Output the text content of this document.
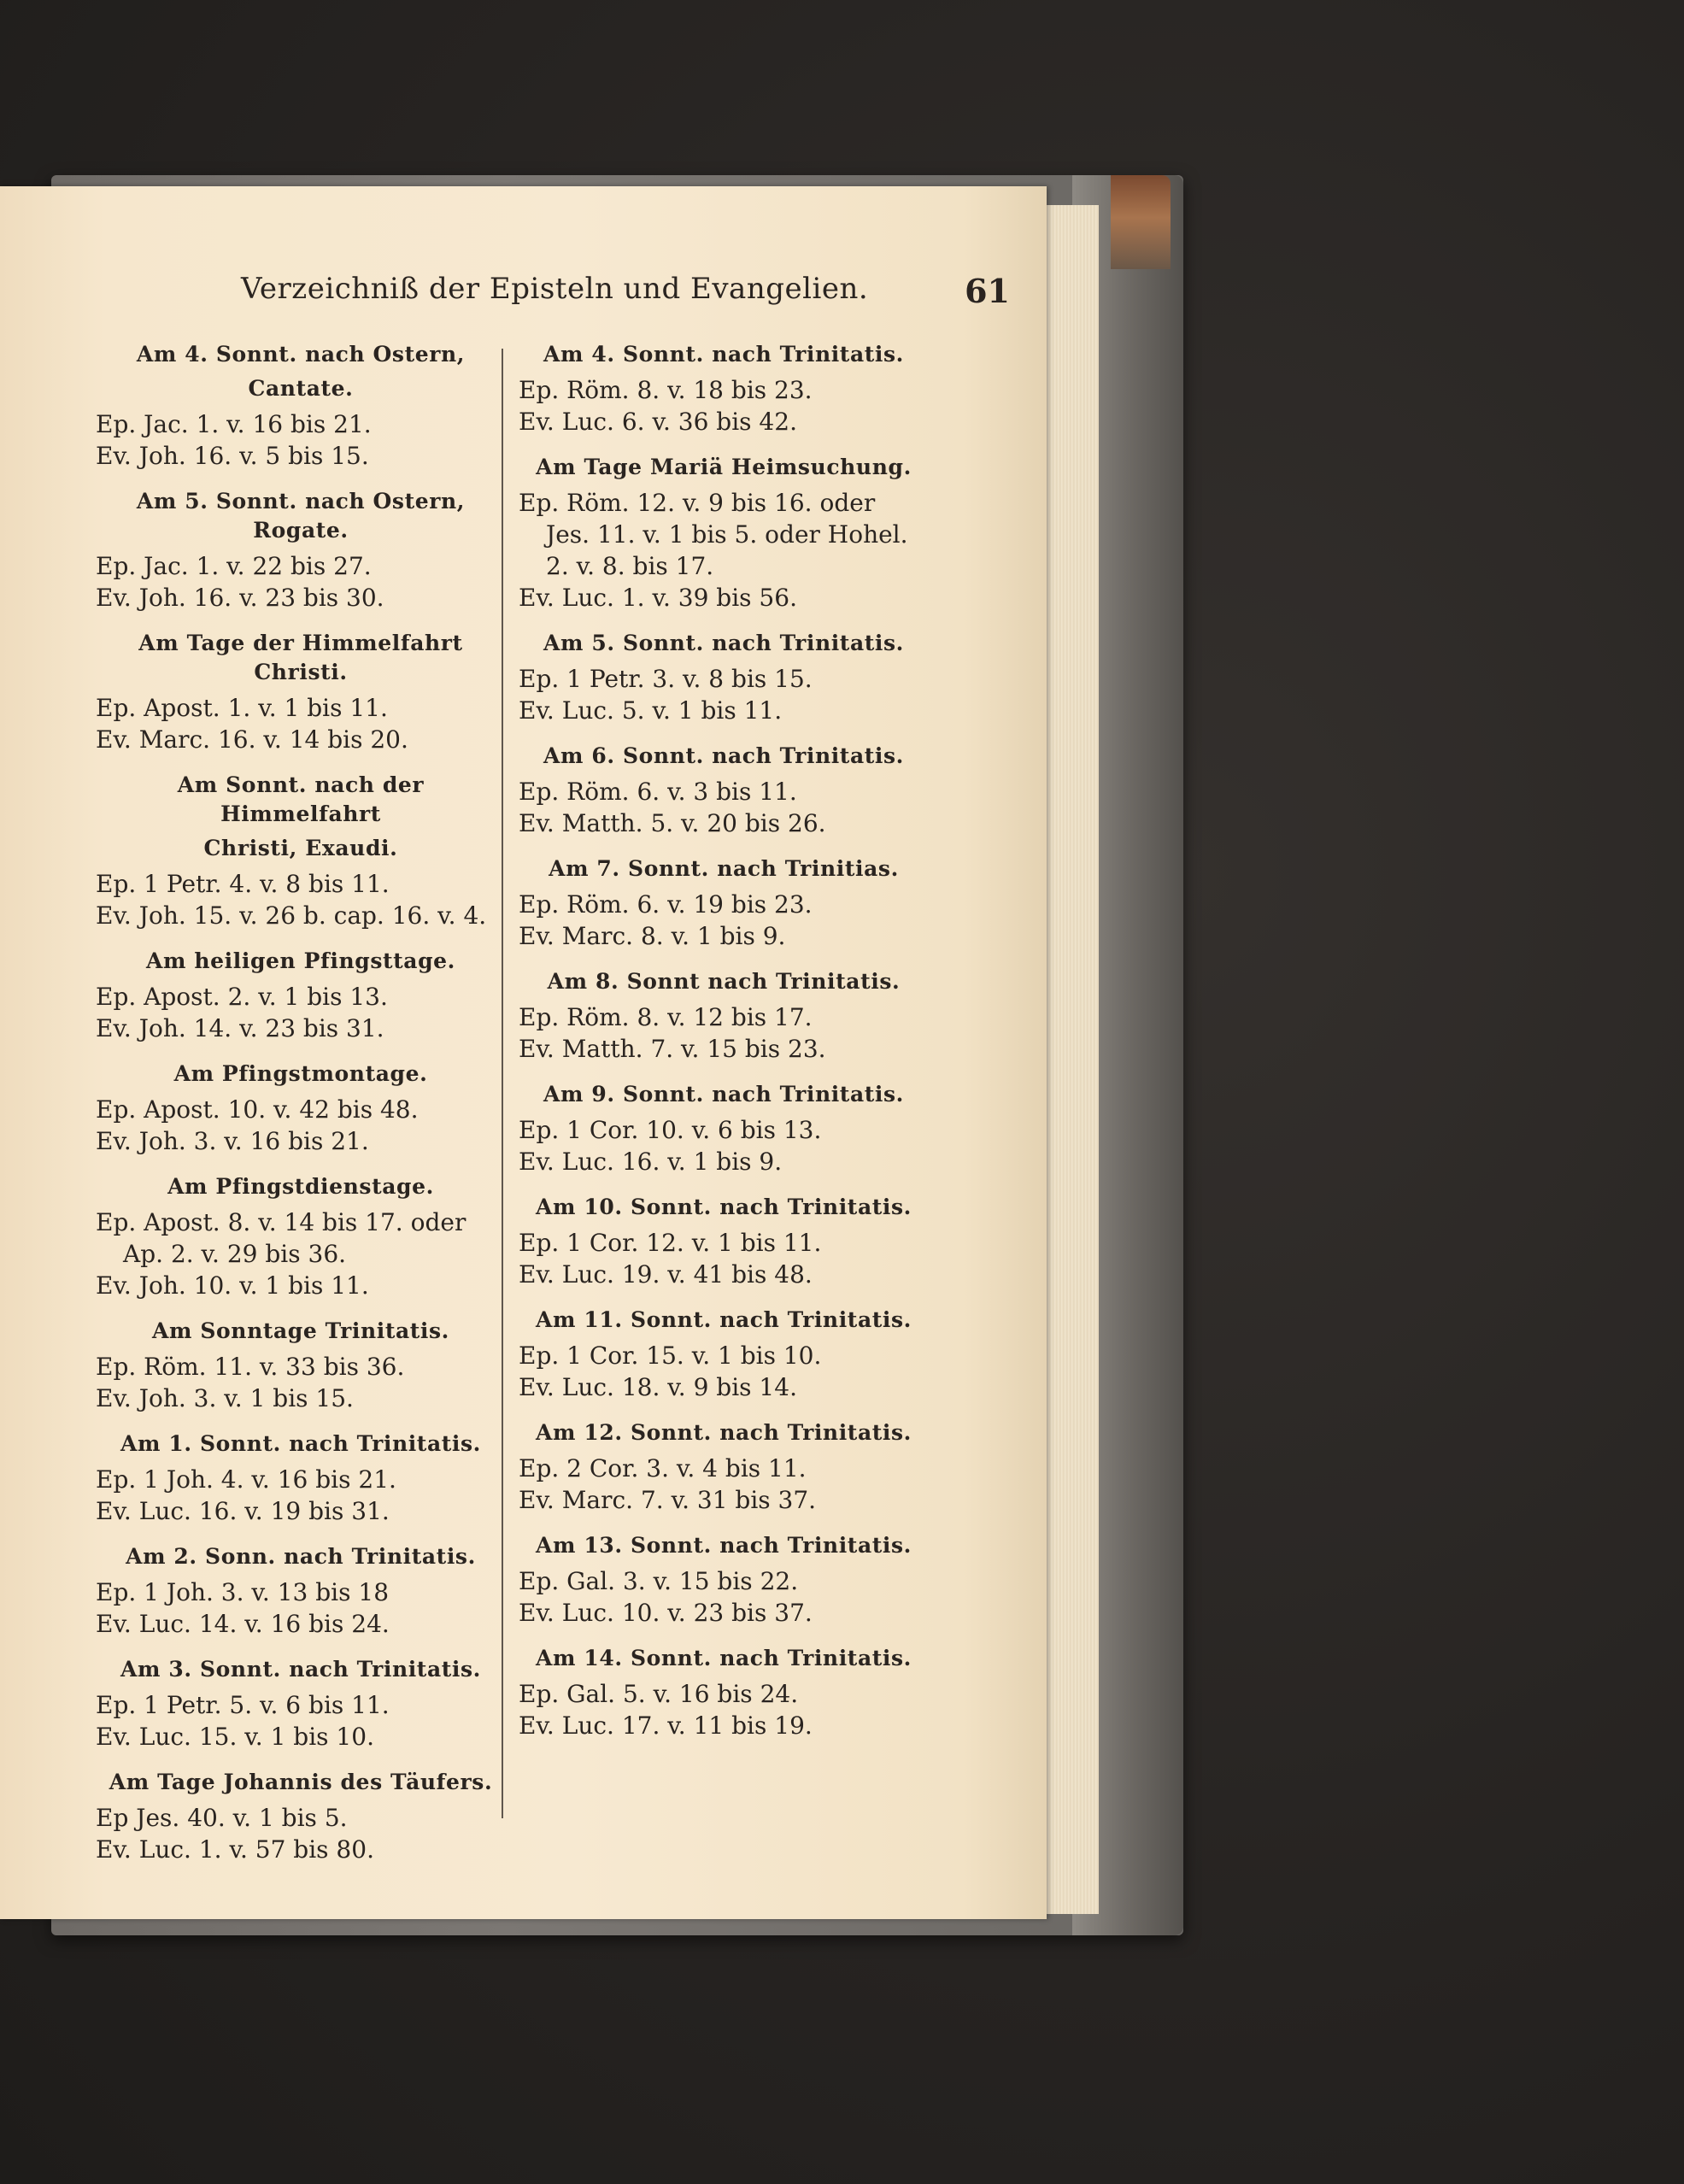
Verzeichniß der Episteln und Evangelien.	61
Am 4. Sonnt. nach Ostern,
Cantate.
Ep. Jac. 1. v. 16 bis 21.
Ev. Joh. 16. v. 5 bis 15.
Am 5. Sonnt. nach Ostern, Rogate.
Ep. Jac. 1. v. 22 bis 27.
Ev. Joh. 16. v. 23 bis 30.
Am Tage der Himmelfahrt Christi.
Ep. Apost. 1. v. 1 bis 11.
Ev. Marc. 16. v. 14 bis 20.
Am Sonnt. nach der Himmelfahrt
Christi, Exaudi.
Ep. 1 Petr. 4. v. 8 bis 11.
Ev. Joh. 15. v. 26 b. cap. 16. v. 4.
Am heiligen Pfingsttage.
Ep. Apost. 2. v. 1 bis 13.
Ev. Joh. 14. v. 23 bis 31.
Am Pfingstmontage.
Ep. Apost. 10. v. 42 bis 48.
Ev. Joh. 3. v. 16 bis 21.
Am Pfingstdienstage.
Ep. Apost. 8. v. 14 bis 17. oder
Ap. 2. v. 29 bis 36.
Ev. Joh. 10. v. 1 bis 11.
Am Sonntage Trinitatis.
Ep. Röm. 11. v. 33 bis 36.
Ev. Joh. 3. v. 1 bis 15.
Am 1. Sonnt. nach Trinitatis.
Ep. 1 Joh. 4. v. 16 bis 21.
Ev. Luc. 16. v. 19 bis 31.
Am 2. Sonn. nach Trinitatis.
Ep. 1 Joh. 3. v. 13 bis 18
Ev. Luc. 14. v. 16 bis 24.
Am 3. Sonnt. nach Trinitatis.
Ep. 1 Petr. 5. v. 6 bis 11.
Ev. Luc. 15. v. 1 bis 10.
Am Tage Johannis des Täufers.
Ep Jes. 40. v. 1 bis 5.
Ev. Luc. 1. v. 57 bis 80.
Am 4. Sonnt. nach Trinitatis.
Ep. Röm. 8. v. 18 bis 23.
Ev. Luc. 6. v. 36 bis 42.
Am Tage Mariä Heimsuchung.
Ep. Röm. 12. v. 9 bis 16. oder
Jes. 11. v. 1 bis 5. oder Hohel.
2. v. 8. bis 17.
Ev. Luc. 1. v. 39 bis 56.
Am 5. Sonnt. nach Trinitatis.
Ep. 1 Petr. 3. v. 8 bis 15.
Ev. Luc. 5. v. 1 bis 11.
Am 6. Sonnt. nach Trinitatis.
Ep. Röm. 6. v. 3 bis 11.
Ev. Matth. 5. v. 20 bis 26.
Am 7. Sonnt. nach Trinitias.
Ep. Röm. 6. v. 19 bis 23.
Ev. Marc. 8. v. 1 bis 9.
Am 8. Sonnt nach Trinitatis.
Ep. Röm. 8. v. 12 bis 17.
Ev. Matth. 7. v. 15 bis 23.
Am 9. Sonnt. nach Trinitatis.
Ep. 1 Cor. 10. v. 6 bis 13.
Ev. Luc. 16. v. 1 bis 9.
Am 10. Sonnt. nach Trinitatis.
Ep. 1 Cor. 12. v. 1 bis 11.
Ev. Luc. 19. v. 41 bis 48.
Am 11. Sonnt. nach Trinitatis.
Ep. 1 Cor. 15. v. 1 bis 10.
Ev. Luc. 18. v. 9 bis 14.
Am 12. Sonnt. nach Trinitatis.
Ep. 2 Cor. 3. v. 4 bis 11.
Ev. Marc. 7. v. 31 bis 37.
Am 13. Sonnt. nach Trinitatis.
Ep. Gal. 3. v. 15 bis 22.
Ev. Luc. 10. v. 23 bis 37.
Am 14. Sonnt. nach Trinitatis.
Ep. Gal. 5. v. 16 bis 24.
Ev. Luc. 17. v. 11 bis 19.
